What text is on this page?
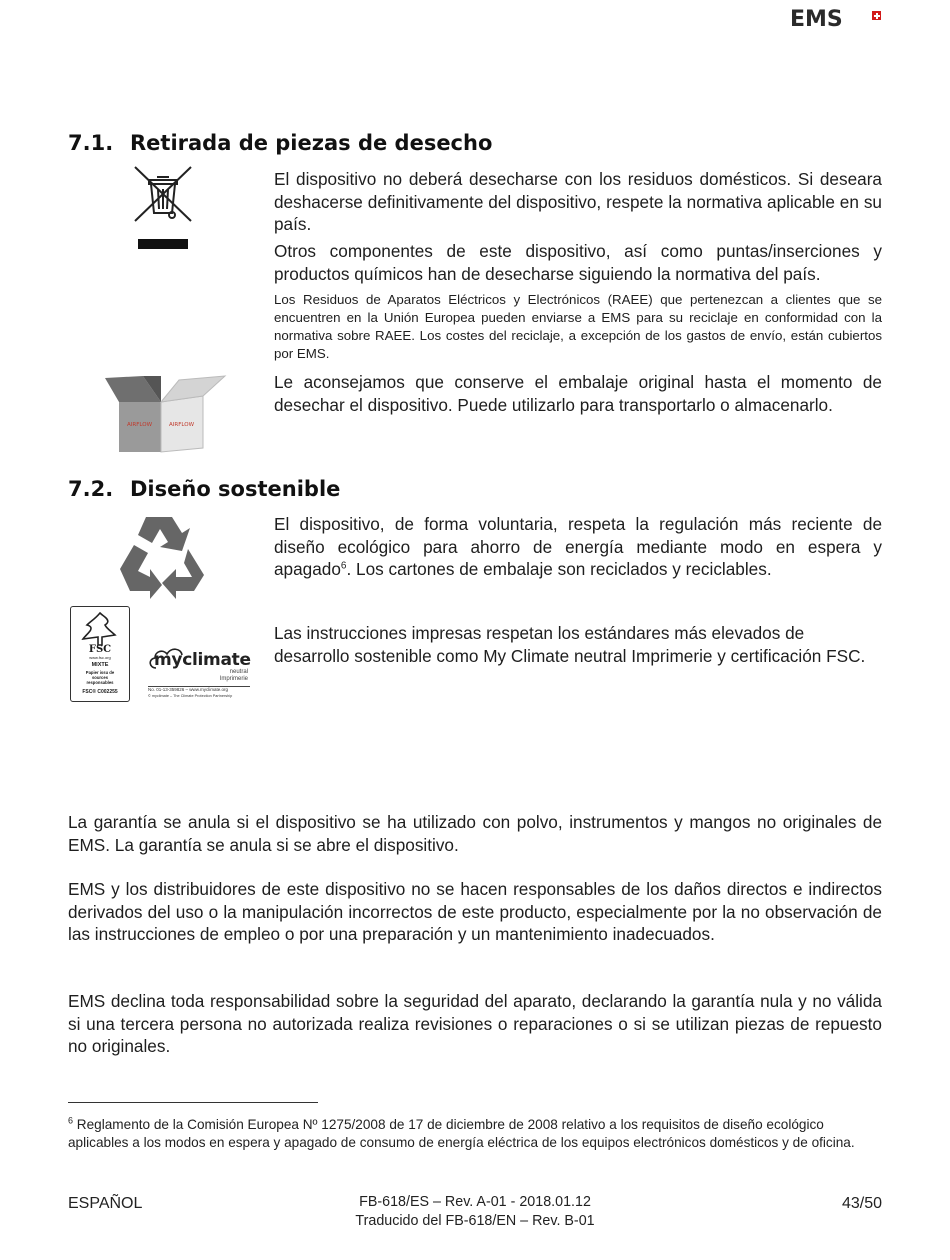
EMS
7.1. Retirada de piezas de desecho

El dispositivo no deberá desecharse con los residuos domésticos. Si deseara deshacerse definitivamente del dispositivo, respete la normativa aplicable en su país.

Otros componentes de este dispositivo, así como puntas/inserciones y productos químicos han de desecharse siguiendo la normativa del país.

Los Residuos de Aparatos Eléctricos y Electrónicos (RAEE) que pertenezcan a clientes que se encuentren en la Unión Europea pueden enviarse a EMS para su reciclaje en conformidad con la normativa sobre RAEE. Los costes del reciclaje, a excepción de los gastos de envío, están cubiertos por EMS.

AIRFLOW	AIRFLOW

Le aconsejamos que conserve el embalaje original hasta el momento de desechar el dispositivo. Puede utilizarlo para transportarlo o almacenarlo.

7.2. Diseño sostenible

El dispositivo, de forma voluntaria, respeta la regulación más reciente de diseño ecológico para ahorro de energía mediante modo en espera y apagado$^6$. Los cartones de embalaje son reciclados y reciclables.

FSC
www.fsc.org
MIXTE
Papier issu de sources responsables
FSC® C002255
myclimate
neutral
Imprimerie
No. 01-13-359826 – www.myclimate.org
© myclimate – The Climate Protection Partnership

Las instrucciones impresas respetan los estándares más elevados de desarrollo sostenible como My Climate neutral Imprimerie y certificación FSC.

La garantía se anula si el dispositivo se ha utilizado con polvo, instrumentos y mangos no originales de EMS. La garantía se anula si se abre el dispositivo.

EMS y los distribuidores de este dispositivo no se hacen responsables de los daños directos e indirectos derivados del uso o la manipulación incorrectos de este producto, especialmente por la no observación de las instrucciones de empleo o por una preparación y un mantenimiento inadecuados.

EMS declina toda responsabilidad sobre la seguridad del aparato, declarando la garantía nula y no válida si una tercera persona no autorizada realiza revisiones o reparaciones o si se utilizan piezas de repuesto no originales.

$^6$ Reglamento de la Comisión Europea Nº 1275/2008 de 17 de diciembre de 2008 relativo a los requisitos de diseño ecológico aplicables a los modos en espera y apagado de consumo de energía eléctrica de los equipos electrónicos domésticos y de oficina.

ESPAÑOL	FB-618/ES – Rev. A-01 - 2018.01.12
Traducido del FB-618/EN – Rev. B-01
43/50
